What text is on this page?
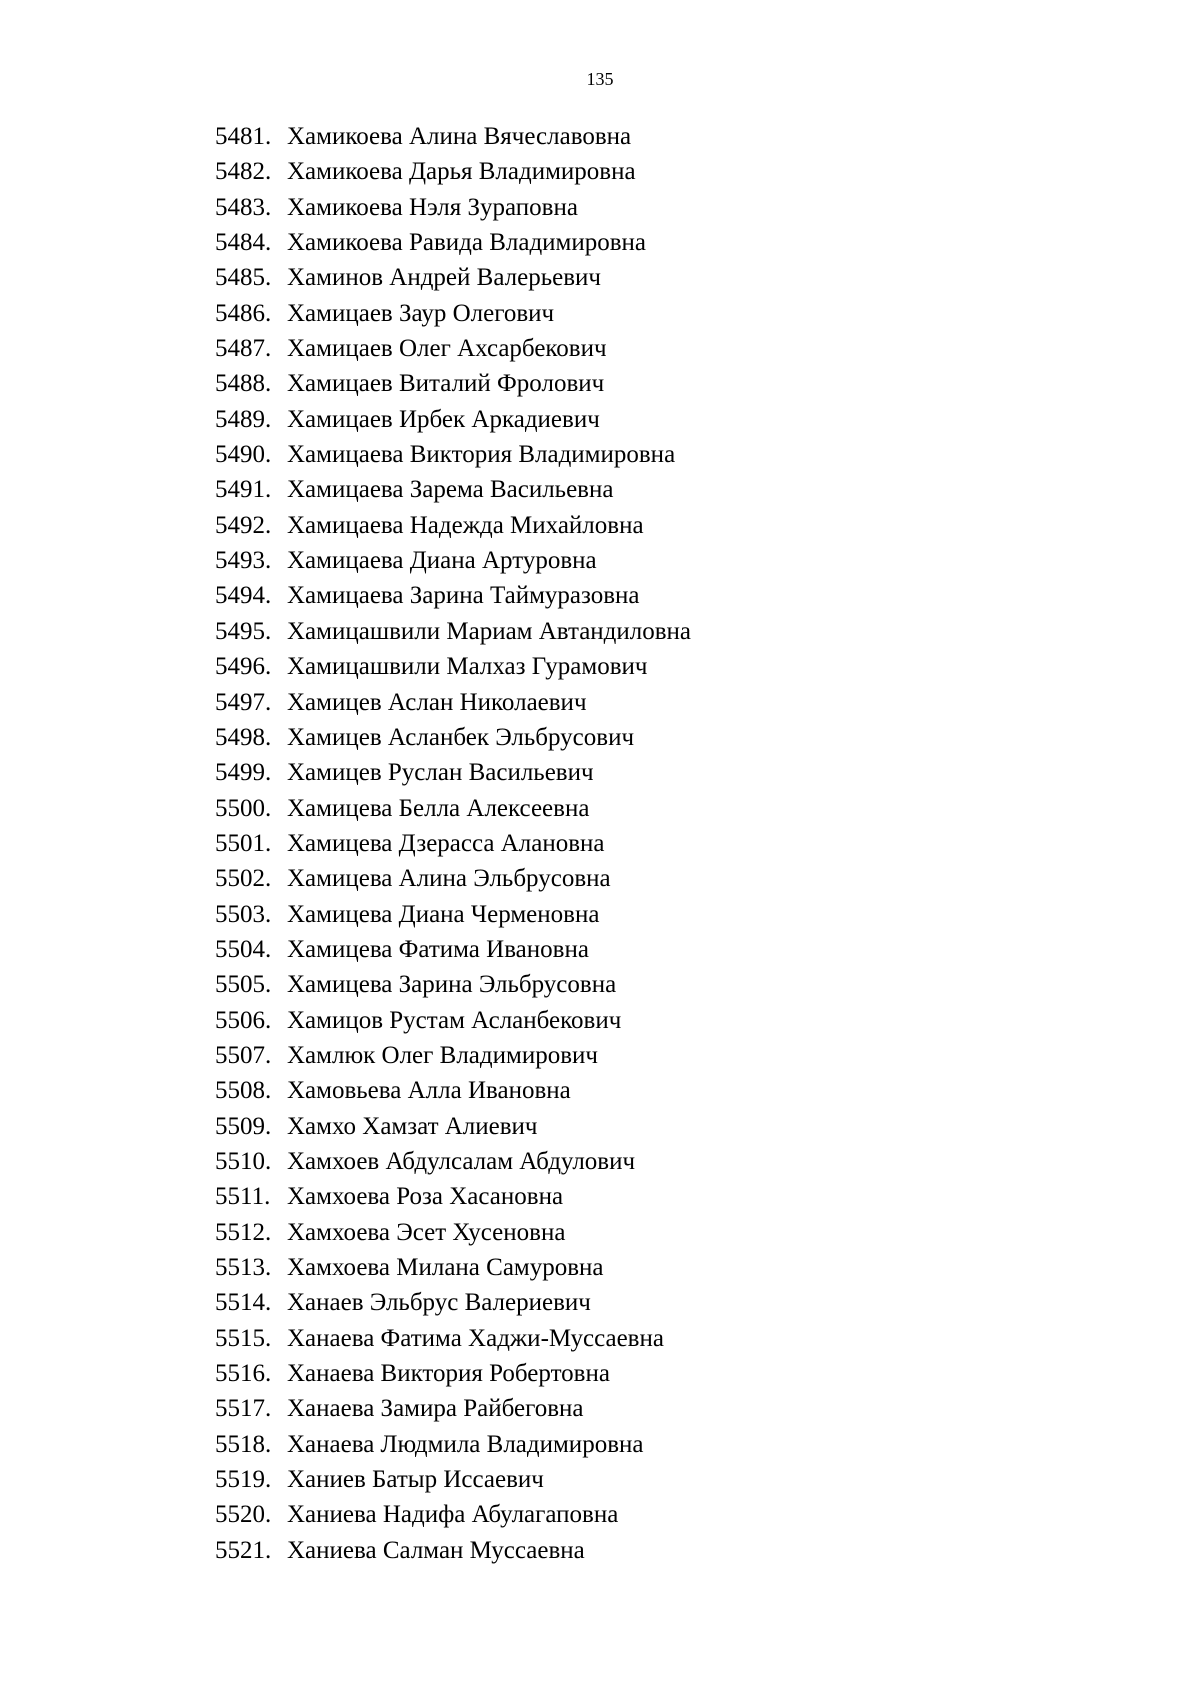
135
5481. Хамикоева Алина Вячеславовна
5482. Хамикоева Дарья Владимировна
5483. Хамикоева Нэля Зураповна
5484. Хамикоева Равида Владимировна
5485. Хаминов Андрей Валерьевич
5486. Хамицаев Заур Олегович
5487. Хамицаев Олег Ахсарбекович
5488. Хамицаев Виталий Фролович
5489. Хамицаев Ирбек Аркадиевич
5490. Хамицаева Виктория Владимировна
5491. Хамицаева Зарема Васильевна
5492. Хамицаева Надежда Михайловна
5493. Хамицаева Диана Артуровна
5494. Хамицаева Зарина Таймуразовна
5495. Хамицашвили Мариам Автандиловна
5496. Хамицашвили Малхаз Гурамович
5497. Хамицев Аслан Николаевич
5498. Хамицев Асланбек Эльбрусович
5499. Хамицев Руслан Васильевич
5500. Хамицева Белла Алексеевна
5501. Хамицева Дзерасса Алановна
5502. Хамицева Алина Эльбрусовна
5503. Хамицева Диана Черменовна
5504. Хамицева Фатима Ивановна
5505. Хамицева Зарина Эльбрусовна
5506. Хамицов Рустам Асланбекович
5507. Хамлюк Олег Владимирович
5508. Хамовьева Алла Ивановна
5509. Хамхо Хамзат Алиевич
5510. Хамхоев Абдулсалам Абдулович
5511. Хамхоева Роза Хасановна
5512. Хамхоева Эсет Хусеновна
5513. Хамхоева Милана Самуровна
5514. Ханаев Эльбрус Валериевич
5515. Ханаева Фатима Хаджи-Муссаевна
5516. Ханаева Виктория Робертовна
5517. Ханаева Замира Райбеговна
5518. Ханаева Людмила Владимировна
5519. Ханиев Батыр Иссаевич
5520. Ханиева Надифа Абулагаповна
5521. Ханиева Салман Муссаевна
